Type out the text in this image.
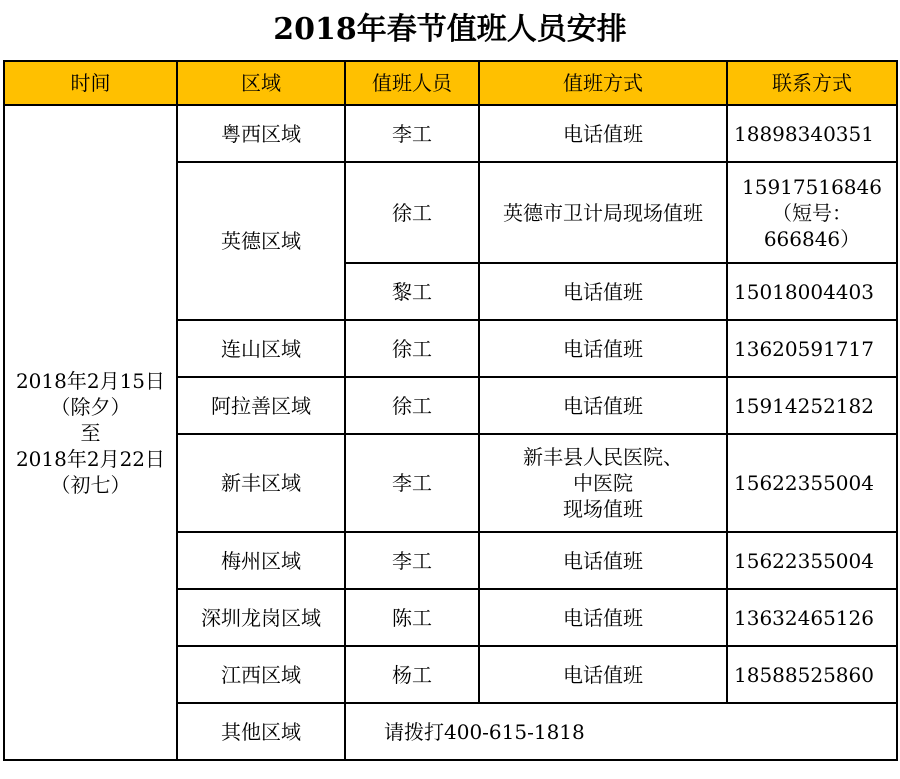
2018年春节值班人员安排
时间	区域	值班人员	值班方式	联系方式

2018年2月15日
（除夕）
至
2018年2月22日
（初七）	粤西区域	李工	电话值班	18898340351
	英德区域	徐工	英德市卫计局现场值班	15917516846
（短号：
666846）

		黎工	电话值班	15018004403
	连山区域	徐工	电话值班	13620591717
	阿拉善区域	徐工	电话值班	15914252182
	新丰区域	李工	新丰县人民医院、
中医院
现场值班	15622355004
	梅州区域	李工	电话值班	15622355004
	深圳龙岗区域	陈工	电话值班	13632465126
	江西区域	杨工	电话值班	18588525860
	其他区域	请拨打400-615-1818		
